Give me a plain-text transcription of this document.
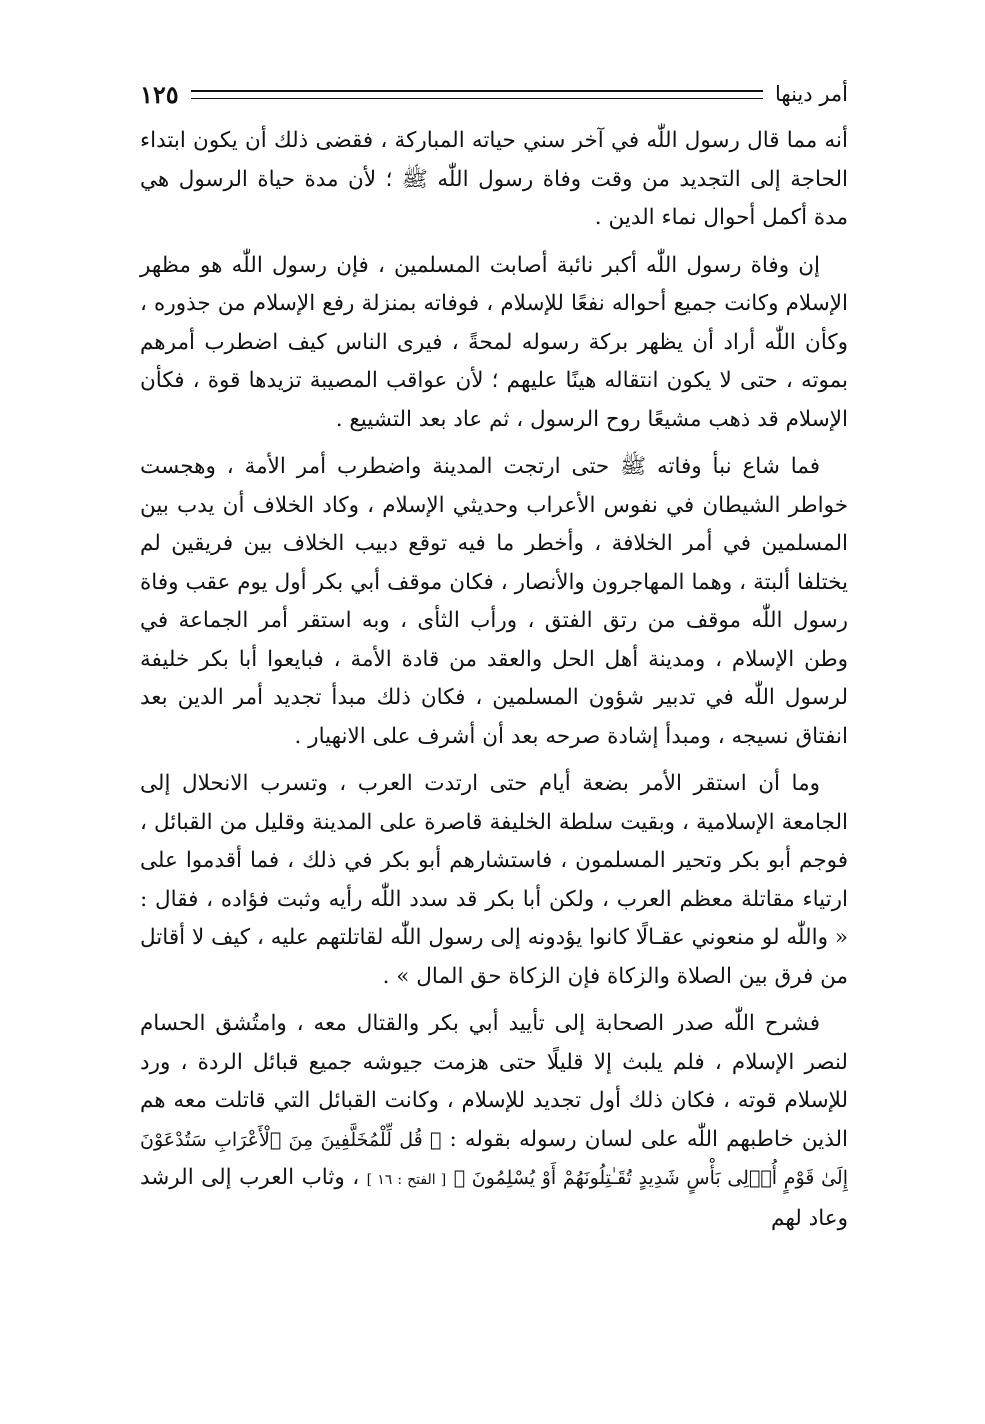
أمر دينها
١٢٥

أنه مما قال رسول اللّٰه في آخر سني حياته المباركة ، فقضى ذلك أن يكون ابتداء الحاجة إلى التجديد من وقت وفاة رسول اللّٰه ﷺ ؛ لأن مدة حياة الرسول هي مدة أكمل أحوال نماء الدين .

إن وفاة رسول اللّٰه أكبر نائبة أصابت المسلمين ، فإن رسول اللّٰه هو مظهر الإسلام وكانت جميع أحواله نفعًا للإسلام ، فوفاته بمنزلة رفع الإسلام من جذوره ، وكأن اللّٰه أراد أن يظهر بركة رسوله لمحةً ، فيرى الناس كيف اضطرب أمرهم بموته ، حتى لا يكون انتقاله هينًا عليهم ؛ لأن عواقب المصيبة تزيدها قوة ، فكأن الإسلام قد ذهب مشيعًا روح الرسول ، ثم عاد بعد التشييع .

فما شاع نبأ وفاته ﷺ حتى ارتجت المدينة واضطرب أمر الأمة ، وهجست خواطر الشيطان في نفوس الأعراب وحديثي الإسلام ، وكاد الخلاف أن يدب بين المسلمين في أمر الخلافة ، وأخطر ما فيه توقع دبيب الخلاف بين فريقين لم يختلفا ألبتة ، وهما المهاجرون والأنصار ، فكان موقف أبي بكر أول يوم عقب وفاة رسول اللّٰه موقف من رتق الفتق ، ورأب الثأى ، وبه استقر أمر الجماعة في وطن الإسلام ، ومدينة أهل الحل والعقد من قادة الأمة ، فبايعوا أبا بكر خليفة لرسول اللّٰه في تدبير شؤون المسلمين ، فكان ذلك مبدأ تجديد أمر الدين بعد انفتاق نسيجه ، ومبدأ إشادة صرحه بعد أن أشرف على الانهيار .

وما أن استقر الأمر بضعة أيام حتى ارتدت العرب ، وتسرب الانحلال إلى الجامعة الإسلامية ، وبقيت سلطة الخليفة قاصرة على المدينة وقليل من القبائل ، فوجم أبو بكر وتحير المسلمون ، فاستشارهم أبو بكر في ذلك ، فما أقدموا على ارتياء مقاتلة معظم العرب ، ولكن أبا بكر قد سدد اللّٰه رأيه وثبت فؤاده ، فقال : « واللّٰه لو منعوني عقـالًا كانوا يؤدونه إلى رسول اللّٰه لقاتلتهم عليه ، كيف لا أقاتل من فرق بين الصلاة والزكاة فإن الزكاة حق المال » .

فشرح اللّٰه صدر الصحابة إلى تأييد أبي بكر والقتال معه ، وامتُشق الحسام لنصر الإسلام ، فلم يلبث إلا قليلًا حتى هزمت جيوشه جميع قبائل الردة ، ورد للإسلام قوته ، فكان ذلك أول تجديد للإسلام ، وكانت القبائل التي قاتلت معه هم الذين خاطبهم اللّٰه على لسان رسوله بقوله : ﴿ قُل لِّلْمُخَلَّفِينَ مِنَ ٱلْأَعْرَابِ سَتُدْعَوْنَ إِلَىٰ قَوْمٍ أُو۟لِى بَأْسٍ شَدِيدٍ تُقَـٰتِلُونَهُمْ أَوْ يُسْلِمُونَ ﴾ [ الفتح : ١٦ ] ، وثاب العرب إلى الرشد وعاد لهم
